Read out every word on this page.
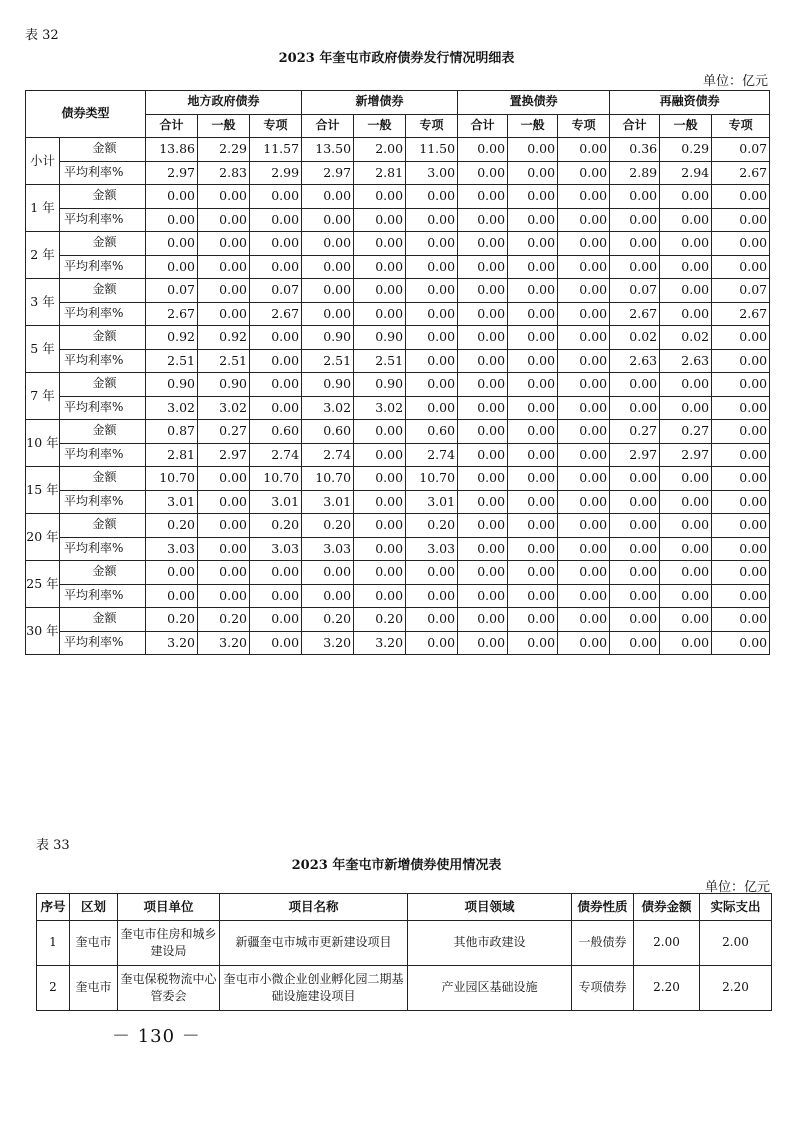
表 32
2023 年奎屯市政府债券发行情况明细表
单位：亿元
债券类型		地方政府债券			新增债券			置换债券			再融资债券		
		合计	一般	专项	合计	一般	专项	合计	一般	专项	合计	一般	专项
小计	金额	13.86	2.29	11.57	13.50	2.00	11.50	0.00	0.00	0.00	0.36	0.29	0.07
	平均利率%	2.97	2.83	2.99	2.97	2.81	3.00	0.00	0.00	0.00	2.89	2.94	2.67
1 年	金额	0.00	0.00	0.00	0.00	0.00	0.00	0.00	0.00	0.00	0.00	0.00	0.00
	平均利率%	0.00	0.00	0.00	0.00	0.00	0.00	0.00	0.00	0.00	0.00	0.00	0.00
2 年	金额	0.00	0.00	0.00	0.00	0.00	0.00	0.00	0.00	0.00	0.00	0.00	0.00
	平均利率%	0.00	0.00	0.00	0.00	0.00	0.00	0.00	0.00	0.00	0.00	0.00	0.00
3 年	金额	0.07	0.00	0.07	0.00	0.00	0.00	0.00	0.00	0.00	0.07	0.00	0.07
	平均利率%	2.67	0.00	2.67	0.00	0.00	0.00	0.00	0.00	0.00	2.67	0.00	2.67
5 年	金额	0.92	0.92	0.00	0.90	0.90	0.00	0.00	0.00	0.00	0.02	0.02	0.00
	平均利率%	2.51	2.51	0.00	2.51	2.51	0.00	0.00	0.00	0.00	2.63	2.63	0.00
7 年	金额	0.90	0.90	0.00	0.90	0.90	0.00	0.00	0.00	0.00	0.00	0.00	0.00
	平均利率%	3.02	3.02	0.00	3.02	3.02	0.00	0.00	0.00	0.00	0.00	0.00	0.00
10 年	金额	0.87	0.27	0.60	0.60	0.00	0.60	0.00	0.00	0.00	0.27	0.27	0.00
	平均利率%	2.81	2.97	2.74	2.74	0.00	2.74	0.00	0.00	0.00	2.97	2.97	0.00
15 年	金额	10.70	0.00	10.70	10.70	0.00	10.70	0.00	0.00	0.00	0.00	0.00	0.00
	平均利率%	3.01	0.00	3.01	3.01	0.00	3.01	0.00	0.00	0.00	0.00	0.00	0.00
20 年	金额	0.20	0.00	0.20	0.20	0.00	0.20	0.00	0.00	0.00	0.00	0.00	0.00
	平均利率%	3.03	0.00	3.03	3.03	0.00	3.03	0.00	0.00	0.00	0.00	0.00	0.00
25 年	金额	0.00	0.00	0.00	0.00	0.00	0.00	0.00	0.00	0.00	0.00	0.00	0.00
	平均利率%	0.00	0.00	0.00	0.00	0.00	0.00	0.00	0.00	0.00	0.00	0.00	0.00
30 年	金额	0.20	0.20	0.00	0.20	0.20	0.00	0.00	0.00	0.00	0.00	0.00	0.00
	平均利率%	3.20	3.20	0.00	3.20	3.20	0.00	0.00	0.00	0.00	0.00	0.00	0.00
表 33
2023 年奎屯市新增债券使用情况表
单位：亿元
序号	区划	项目单位	项目名称	项目领域	债券性质	债券金额	实际支出
1	奎屯市	奎屯市住房和城乡建设局	新疆奎屯市城市更新建设项目	其他市政建设	一般债券	2.00	2.00
2	奎屯市	奎屯保税物流中心管委会	奎屯市小微企业创业孵化园二期基础设施建设项目	产业园区基础设施	专项债券	2.20	2.20
－ 130 －
